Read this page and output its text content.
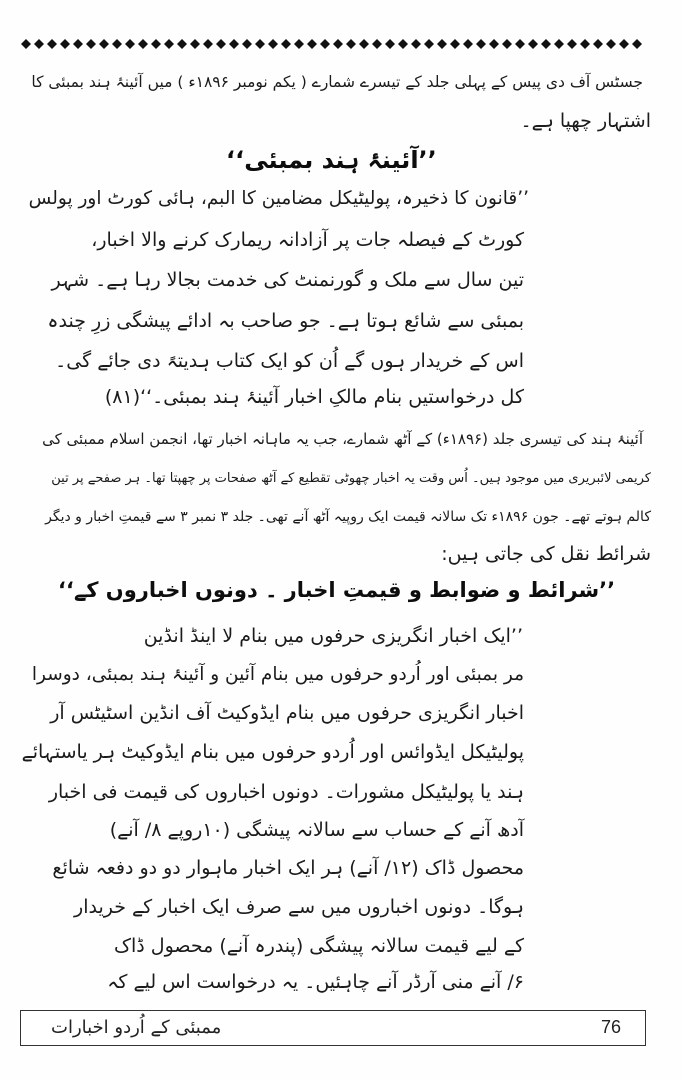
جسٹس آف دی پیس کے پہلی جلد کے تیسرے شمارے ( یکم نومبر ۱۸۹۶ء ) میں آئینۂ ہند بمبئی کا
اشتہار چھپا ہے۔
’’آئینۂ ہند بمبئی‘‘
’’قانون کا ذخیرہ، پولیٹیکل مضامین کا البم، ہائی کورٹ اور پولس
کورٹ کے فیصلہ جات پر آزادانہ ریمارک کرنے والا اخبار،
تین سال سے ملک و گورنمنٹ کی خدمت بجالا رہا ہے۔ شہر
بمبئی سے شائع ہوتا ہے۔ جو صاحب بہ ادائے پیشگی زرِ چندہ
اس کے خریدار ہوں گے اُن کو ایک کتاب ہدیتہً دی جائے گی۔
کل درخواستیں بنام مالکِ اخبار آئینۂ ہند بمبئی۔‘‘(۸۱)
آئینۂ ہند کی تیسری جلد (۱۸۹۶ء) کے آٹھ شمارے، جب یہ ماہانہ اخبار تھا، انجمن اسلام ممبئی کی
کریمی لائبریری میں موجود ہیں۔ اُس وقت یہ اخبار چھوٹی تقطیع کے آٹھ صفحات پر چھپتا تھا۔ ہر صفحے پر تین
کالم ہوتے تھے۔ جون ۱۸۹۶ء تک سالانہ قیمت ایک روپیہ آٹھ آنے تھی۔ جلد ۳ نمبر ۳ سے قیمتِ اخبار و دیگر
شرائط نقل کی جاتی ہیں:
’’شرائط و ضوابط و قیمتِ اخبار ۔ دونوں اخباروں کے‘‘
’’ایک اخبار انگریزی حرفوں میں بنام لا اینڈ انڈین
مر بمبئی اور اُردو حرفوں میں بنام آئین و آئینۂ ہند بمبئی، دوسرا
اخبار انگریزی حرفوں میں بنام ایڈوکیٹ آف انڈین اسٹیٹس آر
پولیٹیکل ایڈوائس اور اُردو حرفوں میں بنام ایڈوکیٹ ہر یاستہائے
ہند یا پولیٹیکل مشورات۔ دونوں اخباروں کی قیمت فی اخبار
آدھ آنے کے حساب سے سالانہ پیشگی (۱۰روپے ۸/ آنے)
محصول ڈاک (۱۲/ آنے) ہر ایک اخبار ماہوار دو دو دفعہ شائع
ہوگا۔ دونوں اخباروں میں سے صرف ایک اخبار کے خریدار
کے لیے قیمت سالانہ پیشگی (پندرہ آنے) محصول ڈاک
۶/ آنے منی آرڈر آنے چاہئیں۔ یہ درخواست اس لیے کہ
ممبئی کے اُردو اخبارات	76
